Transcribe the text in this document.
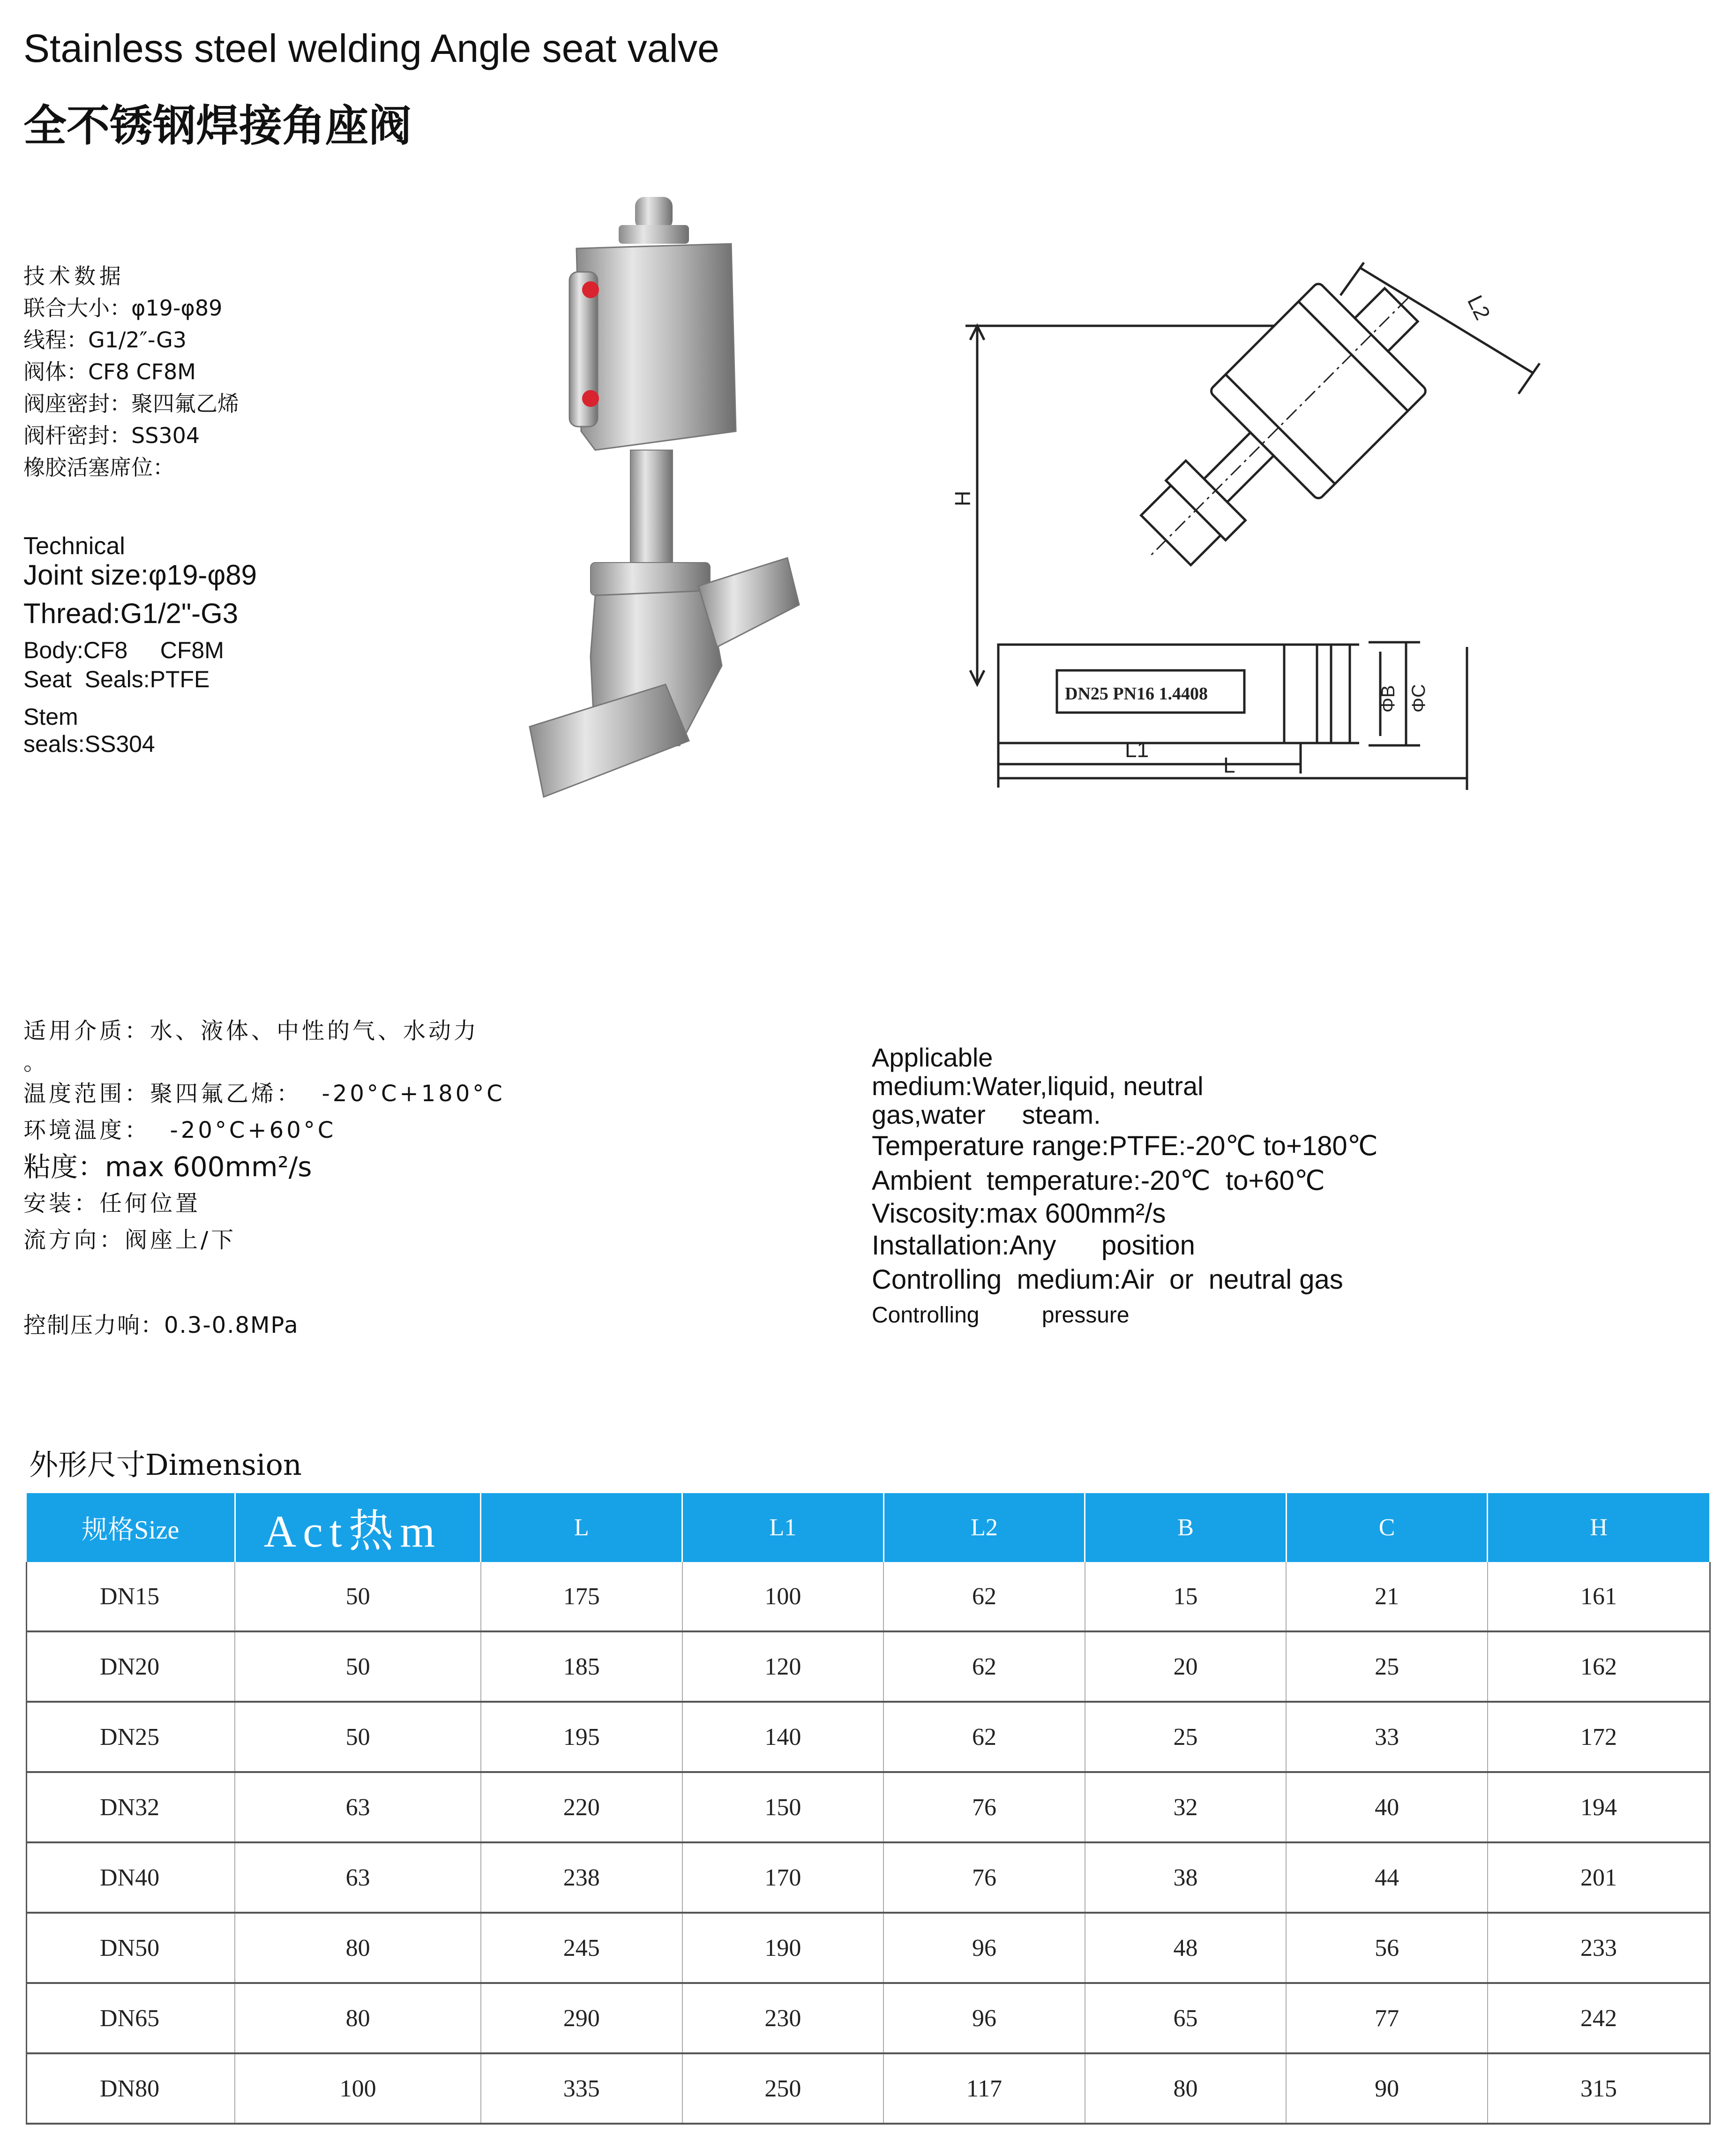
Stainless steel welding Angle seat valve
全不锈钢焊接角座阀
技术数据
联合大小：φ19-φ89
线程：G1/2″-G3
阀体：CF8 CF8M
阀座密封：聚四氟乙烯
阀杆密封：SS304
橡胶活塞席位：
Technical
Joint size:φ19-φ89
Thread:G1/2"-G3
Body:CF8     CF8M
Seat  Seals:PTFE
Stem
seals:SS304
H
L2
DN25 PN16 1.4408	ΦB ΦC
L1
L
适用介质：水、液体、中性的气、水动力
。
温度范围：聚四氟乙烯：  -20°C+180°C
环境温度：  -20°C+60°C
粘度：max 600mm²/s
安装：任何位置
流方向：阀座上/下
控制压力响：0.3-0.8MPa
Applicable
medium:Water,liquid, neutral
gas,water     steam.
Temperature range:PTFE:-20℃ to+180℃
Ambient  temperature:-20℃  to+60℃
Viscosity:max 600mm²/s
Installation:Any      position
Controlling  medium:Air  or  neutral gas
Controlling          pressure
外形尺寸Dimension
规格Size	Act热m	L	L1	L2	B	C	H
DN15	50	175	100	62	15	21	161
DN20	50	185	120	62	20	25	162
DN25	50	195	140	62	25	33	172
DN32	63	220	150	76	32	40	194
DN40	63	238	170	76	38	44	201
DN50	80	245	190	96	48	56	233
DN65	80	290	230	96	65	77	242
DN80	100	335	250	117	80	90	315
